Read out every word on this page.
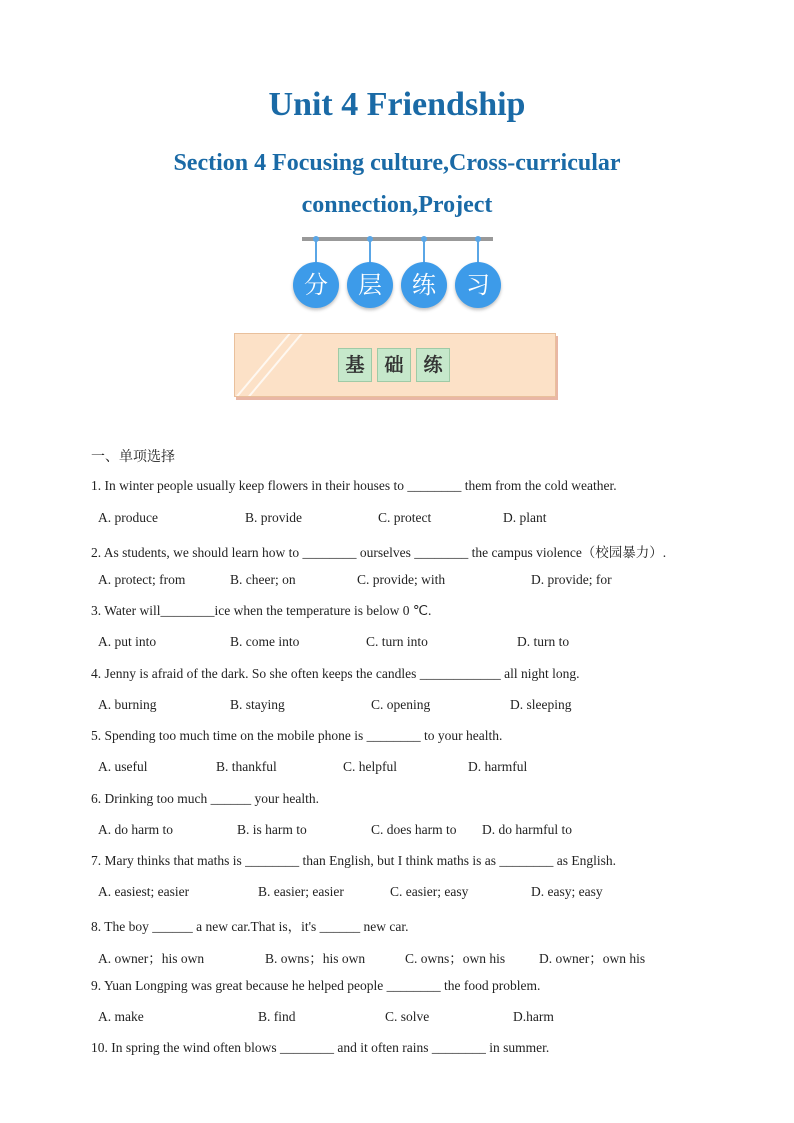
Unit 4 Friendship
Section 4 Focusing culture,Cross-curricular
connection,Project
分	层	练	习
基	础	练

一、单项选择

1. In winter people usually keep flowers in their houses to ________ them from the cold weather.
A. produce	B. provide	C. protect	D. plant
2. As students, we should learn how to ________ ourselves ________ the campus violence（校园暴力）.
A. protect; from	B. cheer; on	C. provide; with	D. provide; for
3. Water will________ice when the temperature is below 0 ℃.
A. put into	B. come into	C. turn into	D. turn to
4. Jenny is afraid of the dark. So she often keeps the candles ____________ all night long.
A. burning	B. staying	C. opening	D. sleeping
5. Spending too much time on the mobile phone is ________ to your health.
A. useful	B. thankful	C. helpful	D. harmful
6. Drinking too much ______ your health.
A. do harm to	B. is harm to	C. does harm to D. do harmful to
7. Mary thinks that maths is ________ than English, but I think maths is as ________ as English.
A. easiest; easier	B. easier; easier	C. easier; easy	D. easy; easy
8. The boy ______ a new car.That is，it's ______ new car.
A. owner；his own	B. owns；his own	C. owns；own his	D. owner；own his
9. Yuan Longping was great because he helped people ________ the food problem.
A. make	B. find	C. solve	D.harm
10. In spring the wind often blows ________ and it often rains ________ in summer.
